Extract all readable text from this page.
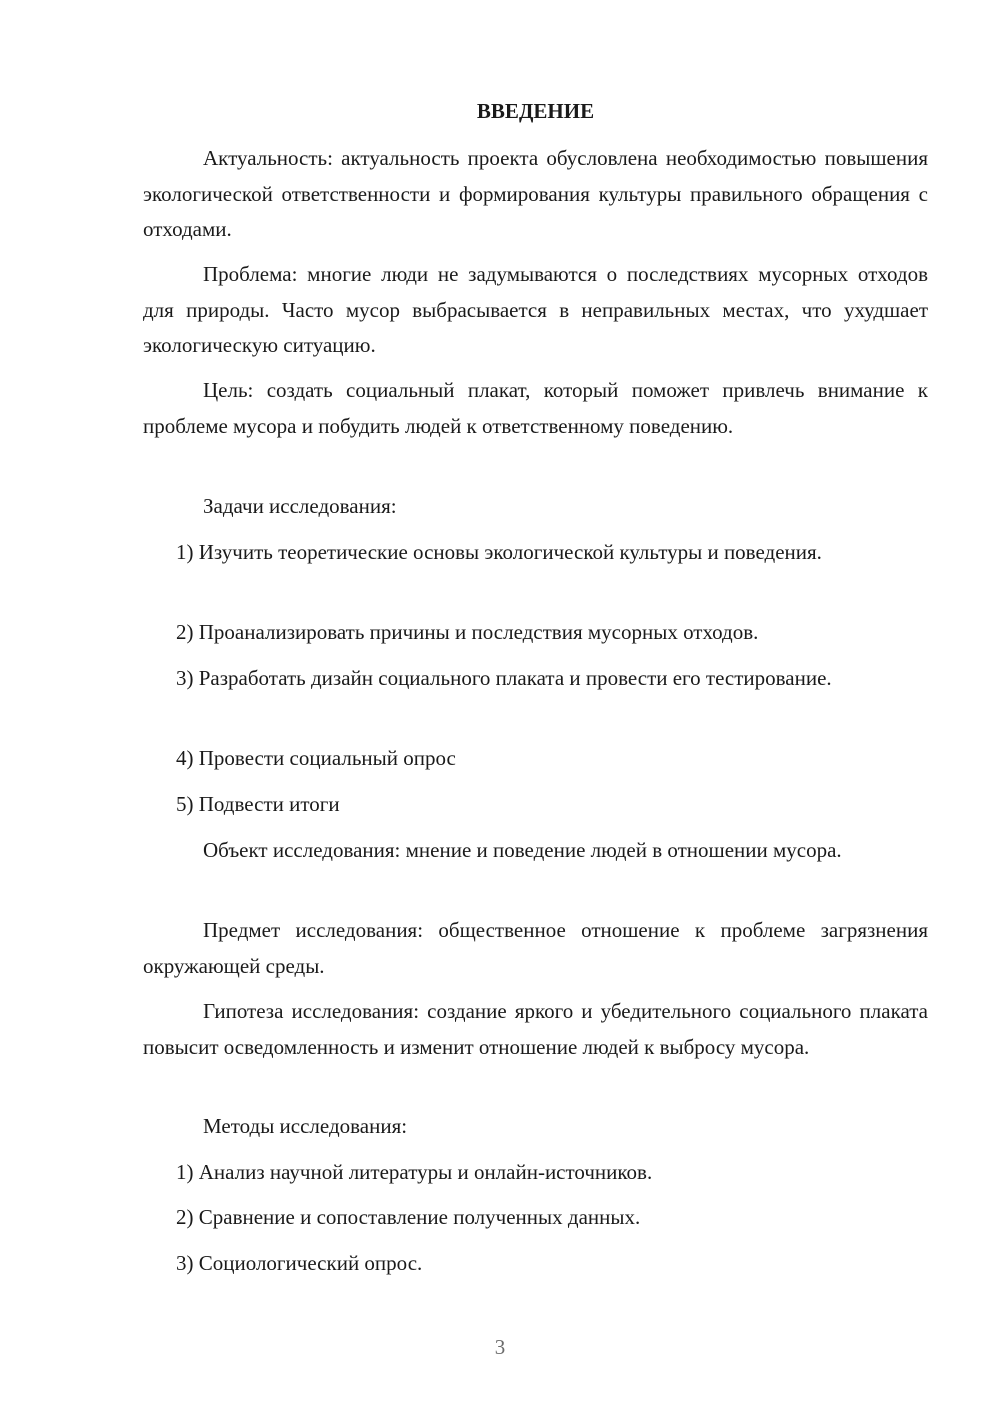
ВВЕДЕНИЕ

Актуальность: актуальность проекта обусловлена необходимостью повышения экологической ответственности и формирования культуры правильного обращения с отходами.

Проблема: многие люди не задумываются о последствиях мусорных отходов для природы. Часто мусор выбрасывается в неправильных местах, что ухудшает экологическую ситуацию.

Цель: создать социальный плакат, который поможет привлечь внимание к проблеме мусора и побудить людей к ответственному поведению.

Задачи исследования:

1) Изучить теоретические основы экологической культуры и поведения.

2) Проанализировать причины и последствия мусорных отходов.

3) Разработать дизайн социального плаката и провести его тестирование.

4) Провести социальный опрос

5) Подвести итоги

Объект исследования: мнение и поведение людей в отношении мусора.

Предмет исследования: общественное отношение к проблеме загрязнения окружающей среды.

Гипотеза исследования: создание яркого и убедительного социального плаката повысит осведомленность и изменит отношение людей к выбросу мусора.

Методы исследования:

1) Анализ научной литературы и онлайн-источников.

2) Сравнение и сопоставление полученных данных.

3) Социологический опрос.

3
